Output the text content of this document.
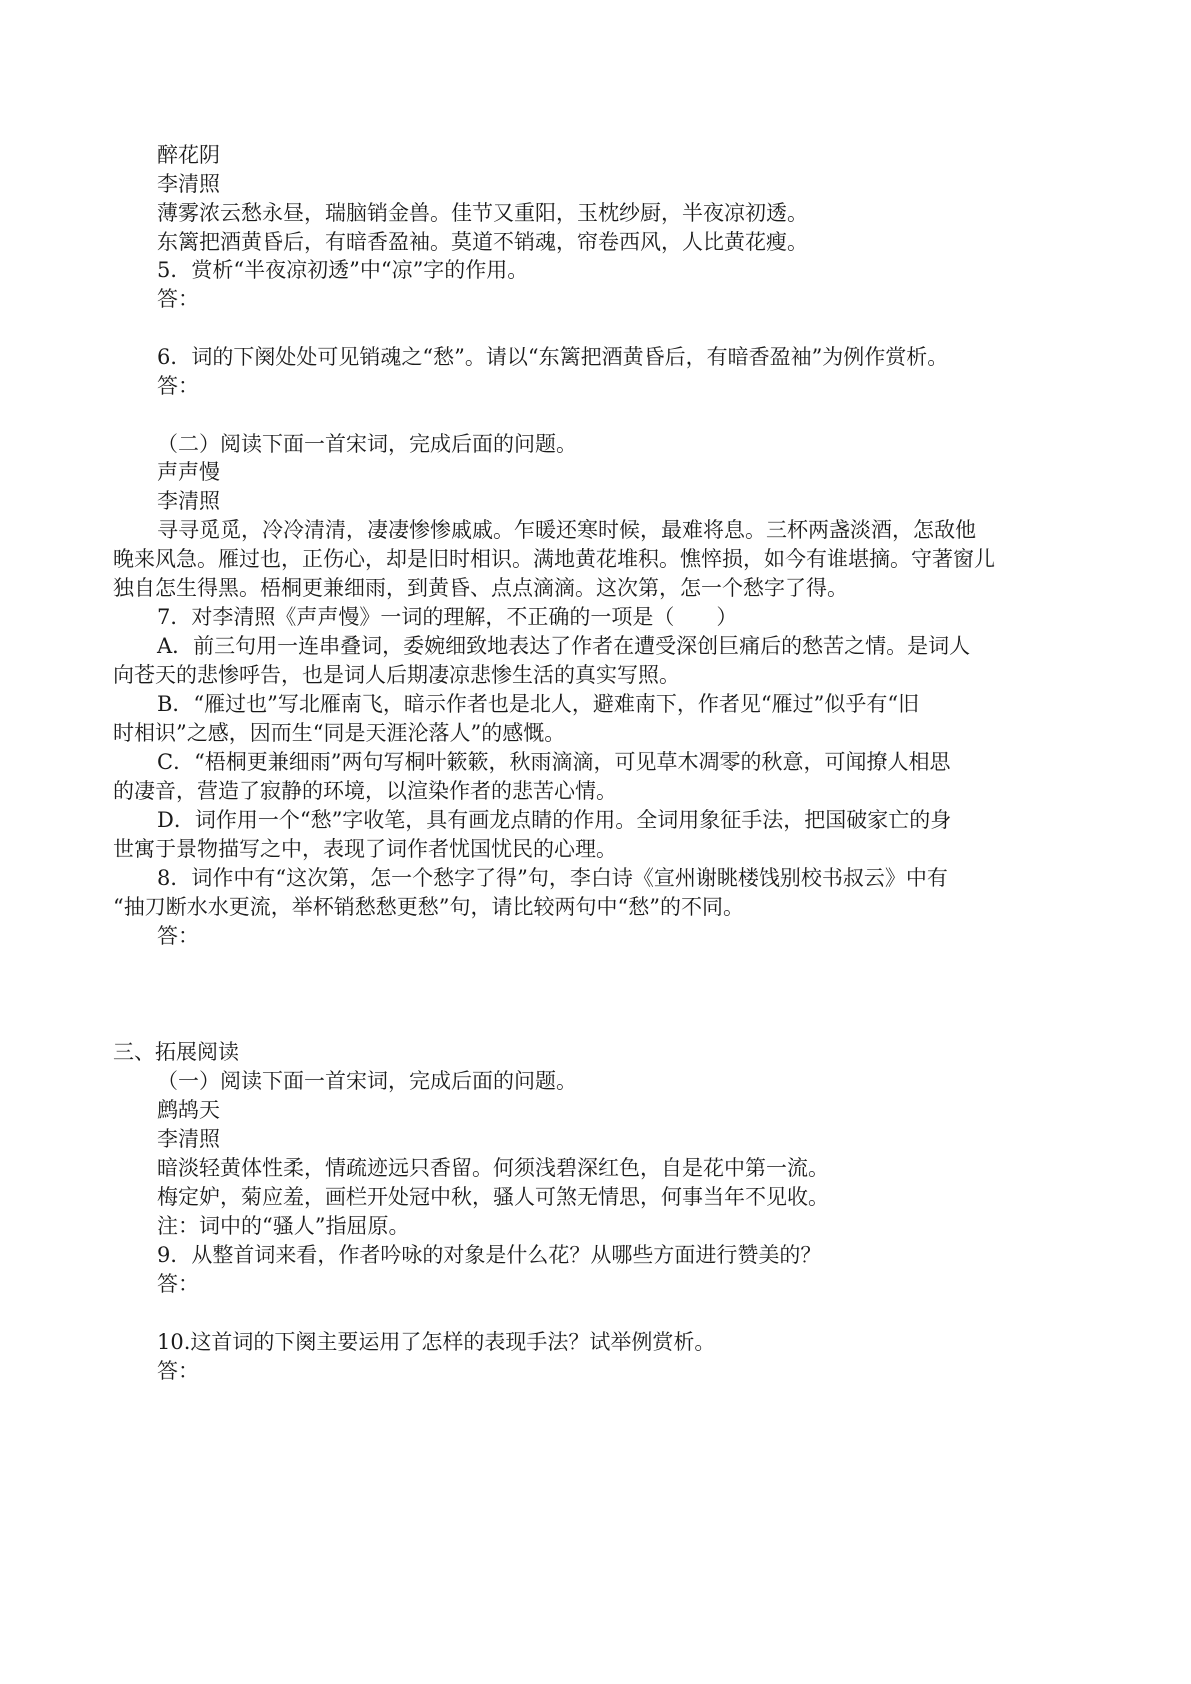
醉花阴
李清照
薄雾浓云愁永昼，瑞脑销金兽。佳节又重阳，玉枕纱厨，半夜凉初透。
东篱把酒黄昏后，有暗香盈袖。莫道不销魂，帘卷西风，人比黄花瘦。
5．赏析“半夜凉初透”中“凉”字的作用。
答：
6．词的下阕处处可见销魂之“愁”。请以“东篱把酒黄昏后，有暗香盈袖”为例作赏析。
答：
（二）阅读下面一首宋词，完成后面的问题。
声声慢
李清照
寻寻觅觅，冷冷清清，凄凄惨惨戚戚。乍暖还寒时候，最难将息。三杯两盏淡酒，怎敌他
晚来风急。雁过也，正伤心，却是旧时相识。满地黄花堆积。憔悴损，如今有谁堪摘。守著窗儿
独自怎生得黑。梧桐更兼细雨，到黄昏、点点滴滴。这次第，怎一个愁字了得。
7．对李清照《声声慢》一词的理解，不正确的一项是（　　）
A．前三句用一连串叠词，委婉细致地表达了作者在遭受深创巨痛后的愁苦之情。是词人
向苍天的悲惨呼告，也是词人后期凄凉悲惨生活的真实写照。
B．“雁过也”写北雁南飞，暗示作者也是北人，避难南下，作者见“雁过”似乎有“旧
时相识”之感，因而生“同是天涯沦落人”的感慨。
C．“梧桐更兼细雨”两句写桐叶簌簌，秋雨滴滴，可见草木凋零的秋意，可闻撩人相思
的凄音，营造了寂静的环境，以渲染作者的悲苦心情。
D．词作用一个“愁”字收笔，具有画龙点睛的作用。全词用象征手法，把国破家亡的身
世寓于景物描写之中，表现了词作者忧国忧民的心理。
8．词作中有“这次第，怎一个愁字了得”句，李白诗《宣州谢眺楼饯别校书叔云》中有
“抽刀断水水更流，举杯销愁愁更愁”句，请比较两句中“愁”的不同。
答：
三、拓展阅读
（一）阅读下面一首宋词，完成后面的问题。
鹧鸪天
李清照
暗淡轻黄体性柔，情疏迹远只香留。何须浅碧深红色，自是花中第一流。
梅定妒，菊应羞，画栏开处冠中秋，骚人可煞无情思，何事当年不见收。
注：词中的“骚人”指屈原。
9．从整首词来看，作者吟咏的对象是什么花？从哪些方面进行赞美的？
答：
10.这首词的下阕主要运用了怎样的表现手法？试举例赏析。
答：
